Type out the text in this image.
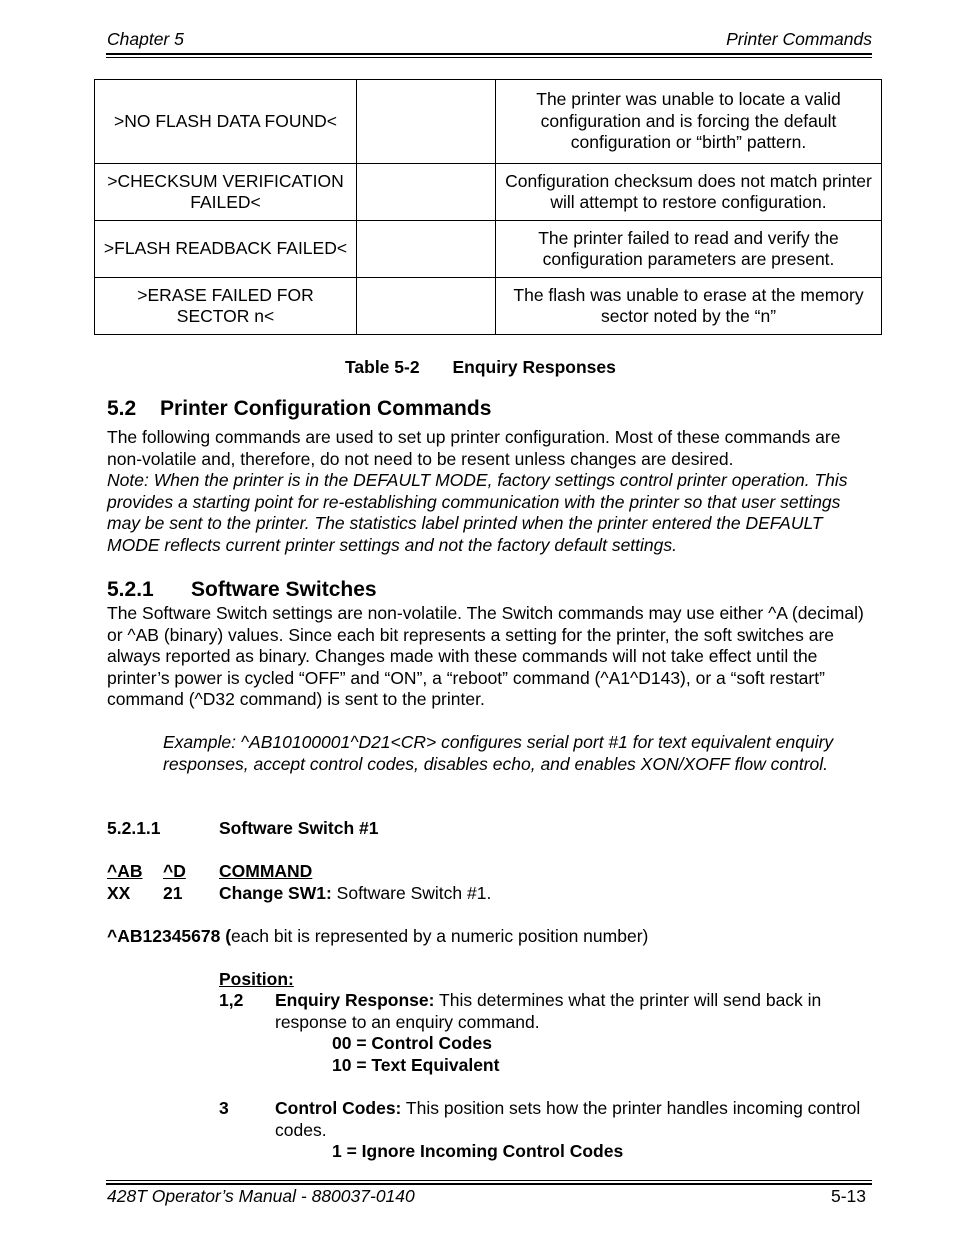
Chapter 5	Printer Commands
>NO FLASH DATA FOUND<		The printer was unable to locate a valid configuration and is forcing the default configuration or “birth” pattern.
>CHECKSUM VERIFICATION FAILED<		Configuration checksum does not match printer will attempt to restore configuration.
>FLASH READBACK FAILED<		The printer failed to read and verify the configuration parameters are present.
>ERASE FAILED FOR SECTOR n<		The flash was unable to erase at the memory sector noted by the “n”
Table 5-2 Enquiry Responses
5.2 Printer Configuration Commands
The following commands are used to set up printer configuration. Most of these commands are non-volatile and, therefore, do not need to be resent unless changes are desired.
Note: When the printer is in the DEFAULT MODE, factory settings control printer operation. This provides a starting point for re-establishing communication with the printer so that user settings may be sent to the printer. The statistics label printed when the printer entered the DEFAULT MODE reflects current printer settings and not the factory default settings.
5.2.1 Software Switches
The Software Switch settings are non-volatile. The Switch commands may use either ^A (decimal) or ^AB (binary) values. Since each bit represents a setting for the printer, the soft switches are always reported as binary. Changes made with these commands will not take effect until the printer’s power is cycled “OFF” and “ON”, a “reboot” command (^A1^D143), or a “soft restart” command (^D32 command) is sent to the printer.
Example: ^AB10100001^D21<CR> configures serial port #1 for text equivalent enquiry responses, accept control codes, disables echo, and enables XON/XOFF flow control.
5.2.1.1	Software Switch #1
^AB ^D COMMAND
XX 21 Change SW1: Software Switch #1.
^AB12345678 (each bit is represented by a numeric position number)
Position:
1,2 Enquiry Response: This determines what the printer will send back in response to an enquiry command.
00 = Control Codes
10 = Text Equivalent
3	Control Codes: This position sets how the printer handles incoming control codes.
1 = Ignore Incoming Control Codes
428T Operator’s Manual - 880037-0140	5-13
